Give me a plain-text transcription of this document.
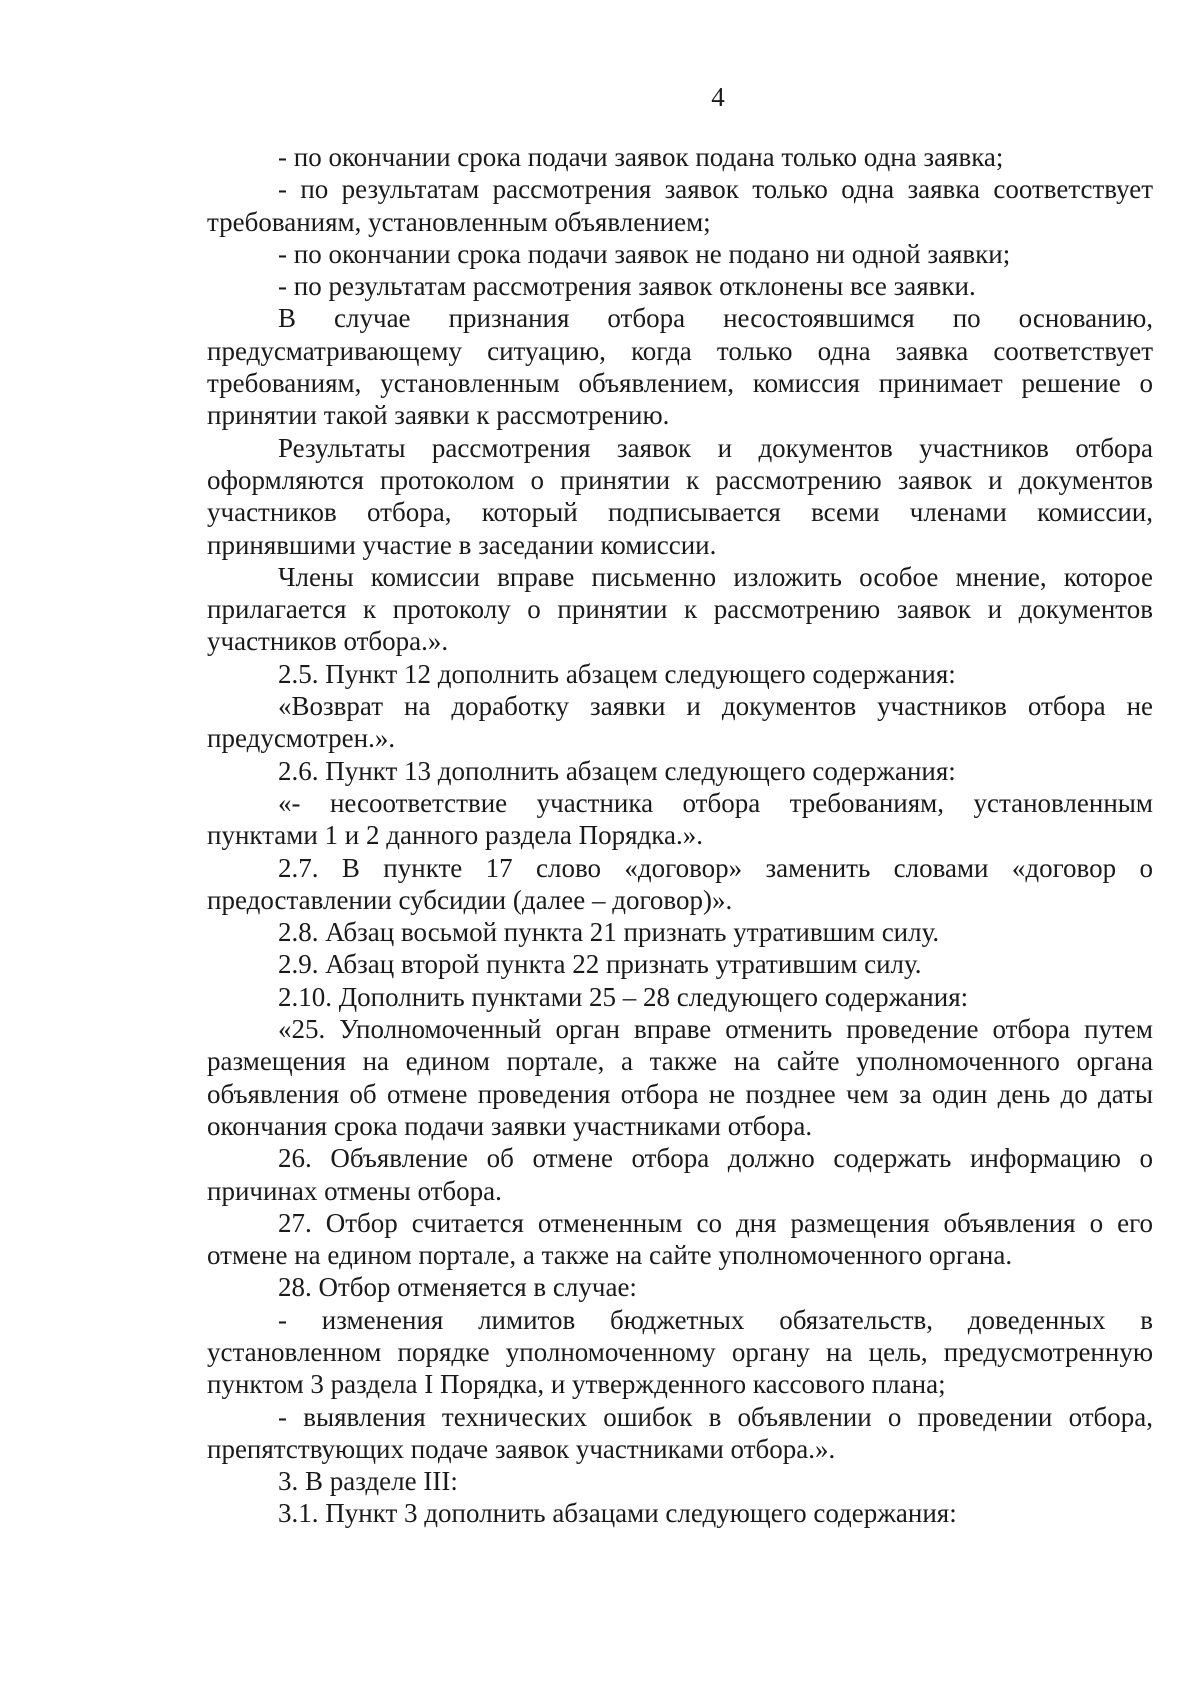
4

- по окончании срока подачи заявок подана только одна заявка;

- по результатам рассмотрения заявок только одна заявка соответствует требованиям, установленным объявлением;

- по окончании срока подачи заявок не подано ни одной заявки;

- по результатам рассмотрения заявок отклонены все заявки.

В случае признания отбора несостоявшимся по основанию, предусматривающему ситуацию, когда только одна заявка соответствует требованиям, установленным объявлением, комиссия принимает решение о принятии такой заявки к рассмотрению.

Результаты рассмотрения заявок и документов участников отбора оформляются протоколом о принятии к рассмотрению заявок и документов участников отбора, который подписывается всеми членами комиссии, принявшими участие в заседании комиссии.

Члены комиссии вправе письменно изложить особое мнение, которое прилагается к протоколу о принятии к рассмотрению заявок и документов участников отбора.».

2.5. Пункт 12 дополнить абзацем следующего содержания:

«Возврат на доработку заявки и документов участников отбора не предусмотрен.».

2.6. Пункт 13 дополнить абзацем следующего содержания:

«- несоответствие участника отбора требованиям, установленным пунктами 1 и 2 данного раздела Порядка.».

2.7. В пункте 17 слово «договор» заменить словами «договор о предоставлении субсидии (далее – договор)».

2.8. Абзац восьмой пункта 21 признать утратившим силу.

2.9. Абзац второй пункта 22 признать утратившим силу.

2.10. Дополнить пунктами 25 – 28 следующего содержания:

«25. Уполномоченный орган вправе отменить проведение отбора путем размещения на едином портале, а также на сайте уполномоченного органа объявления об отмене проведения отбора не позднее чем за один день до даты окончания срока подачи заявки участниками отбора.

26. Объявление об отмене отбора должно содержать информацию о причинах отмены отбора.

27. Отбор считается отмененным со дня размещения объявления о его отмене на едином портале, а также на сайте уполномоченного органа.

28. Отбор отменяется в случае:

- изменения лимитов бюджетных обязательств, доведенных в установленном порядке уполномоченному органу на цель, предусмотренную пунктом 3 раздела I Порядка, и утвержденного кассового плана;

- выявления технических ошибок в объявлении о проведении отбора, препятствующих подаче заявок участниками отбора.».

3. В разделе III:

3.1. Пункт 3 дополнить абзацами следующего содержания:
